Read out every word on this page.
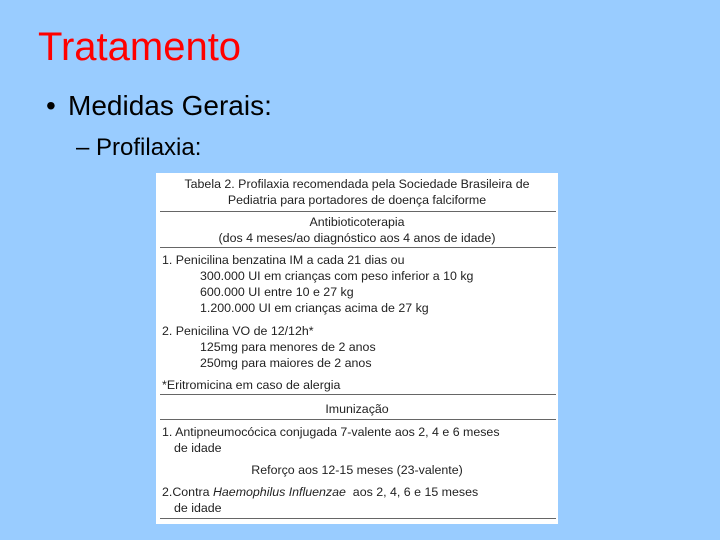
Tratamento
• Medidas Gerais:
– Profilaxia:
Tabela 2. Profilaxia recomendada pela Sociedade Brasileira de
Pediatria para portadores de doença falciforme
Antibioticoterapia
(dos 4 meses/ao diagnóstico aos 4 anos de idade)
1. Penicilina benzatina IM a cada 21 dias ou
300.000 UI em crianças com peso inferior a 10 kg
600.000 UI entre 10 e 27 kg
1.200.000 UI em crianças acima de 27 kg
2. Penicilina VO de 12/12h*
125mg para menores de 2 anos
250mg para maiores de 2 anos
*Eritromicina em caso de alergia
Imunização
1. Antipneumocócica conjugada 7-valente aos 2, 4 e 6 meses
de idade
Reforço aos 12-15 meses (23-valente)
2.Contra Haemophilus Influenzae  aos 2, 4, 6 e 15 meses
de idade
